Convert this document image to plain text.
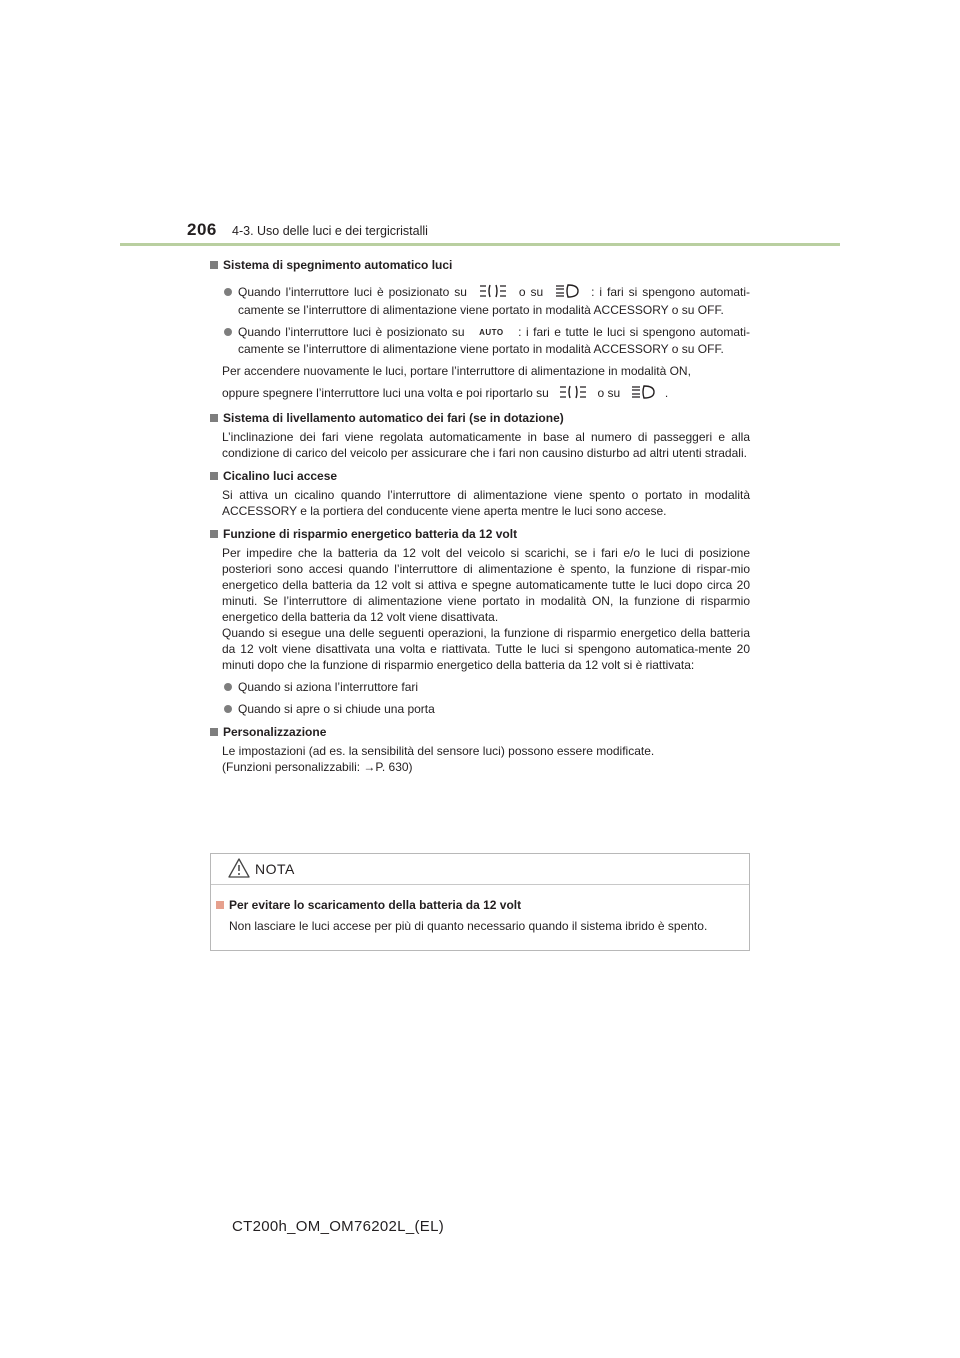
206 4-3. Uso delle luci e dei tergicristalli
Sistema di spegnimento automatico luci
Quando l’interruttore luci è posizionato su	o su	: i fari si spengono automati-camente se l’interruttore di alimentazione viene portato in modalità ACCESSORY o su OFF.
Quando l’interruttore luci è posizionato su AUTO : i fari e tutte le luci si spengono automati-camente se l’interruttore di alimentazione viene portato in modalità ACCESSORY o su OFF.
Per accendere nuovamente le luci, portare l’interruttore di alimentazione in modalità ON,
oppure spegnere l’interruttore luci una volta e poi riportarlo su	o su	.
Sistema di livellamento automatico dei fari (se in dotazione)
L’inclinazione dei fari viene regolata automaticamente in base al numero di passeggeri e alla condizione di carico del veicolo per assicurare che i fari non causino disturbo ad altri utenti stradali.
Cicalino luci accese
Si attiva un cicalino quando l’interruttore di alimentazione viene spento o portato in modalità ACCESSORY e la portiera del conducente viene aperta mentre le luci sono accese.
Funzione di risparmio energetico batteria da 12 volt
Per impedire che la batteria da 12 volt del veicolo si scarichi, se i fari e/o le luci di posizione posteriori sono accesi quando l’interruttore di alimentazione è spento, la funzione di rispar-mio energetico della batteria da 12 volt si attiva e spegne automaticamente tutte le luci dopo circa 20 minuti. Se l’interruttore di alimentazione viene portato in modalità ON, la funzione di risparmio energetico della batteria da 12 volt viene disattivata.
Quando si esegue una delle seguenti operazioni, la funzione di risparmio energetico della batteria da 12 volt viene disattivata una volta e riattivata. Tutte le luci si spengono automatica-mente 20 minuti dopo che la funzione di risparmio energetico della batteria da 12 volt si è riattivata:
Quando si aziona l’interruttore fari
Quando si apre o si chiude una porta
Personalizzazione
Le impostazioni (ad es. la sensibilità del sensore luci) possono essere modificate.
(Funzioni personalizzabili: →P. 630)
NOTA
Per evitare lo scaricamento della batteria da 12 volt
Non lasciare le luci accese per più di quanto necessario quando il sistema ibrido è spento.
CT200h_OM_OM76202L_(EL)
